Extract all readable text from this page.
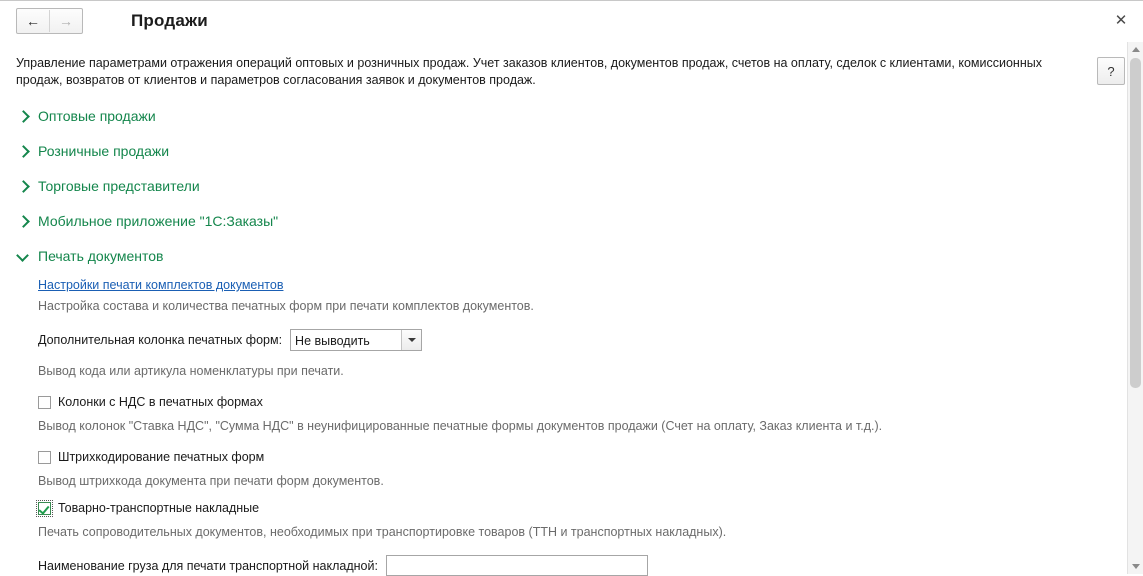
← →	Продажи	✕
Управление параметрами отражения операций оптовых и розничных продаж. Учет заказов клиентов, документов продаж, счетов на оплату, сделок с клиентами, комиссионных продаж, возвратов от клиентов и параметров согласования заявок и документов продаж.
?
Оптовые продажи
Розничные продажи
Торговые представители
Мобильное приложение "1С:Заказы"
Печать документов
Настройки печати комплектов документов
Настройка состава и количества печатных форм при печати комплектов документов.
Дополнительная колонка печатных форм:	Не выводить
Вывод кода или артикула номенклатуры при печати.
Колонки с НДС в печатных формах
Вывод колонок "Ставка НДС", "Сумма НДС" в неунифицированные печатные формы документов продажи (Счет на оплату, Заказ клиента и т.д.).
Штрихкодирование печатных форм
Вывод штрихкода документа при печати форм документов.
Товарно-транспортные накладные
Печать сопроводительных документов, необходимых при транспортировке товаров (ТТН и транспортных накладных).
Наименование груза для печати транспортной накладной:
